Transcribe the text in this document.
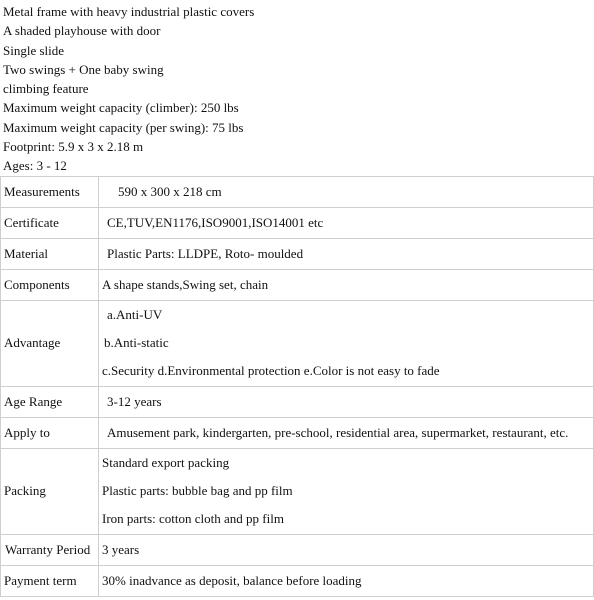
Metal frame with heavy industrial plastic covers
A shaded playhouse with door
Single slide
Two swings + One baby swing
climbing feature
Maximum weight capacity (climber): 250 lbs
Maximum weight capacity (per swing): 75 lbs
Footprint: 5.9 x 3 x 2.18 m
Ages: 3 - 12
Measurements	590 x 300 x 218 cm
Certificate	CE,TUV,EN1176,ISO9001,ISO14001 etc
Material	Plastic Parts: LLDPE, Roto- moulded
Components	A shape stands,Swing set, chain
Advantage	a.Anti-UV
b.Anti-static
c.Security d.Environmental protection e.Color is not easy to fade

Age Range	3-12 years
Apply to	Amusement park, kindergarten, pre-school, residential area, supermarket, restaurant, etc.
Packing	Standard export packing
Plastic parts: bubble bag and pp film
Iron parts: cotton cloth and pp film

Warranty Period	3 years
Payment term	30% inadvance as deposit, balance before loading
